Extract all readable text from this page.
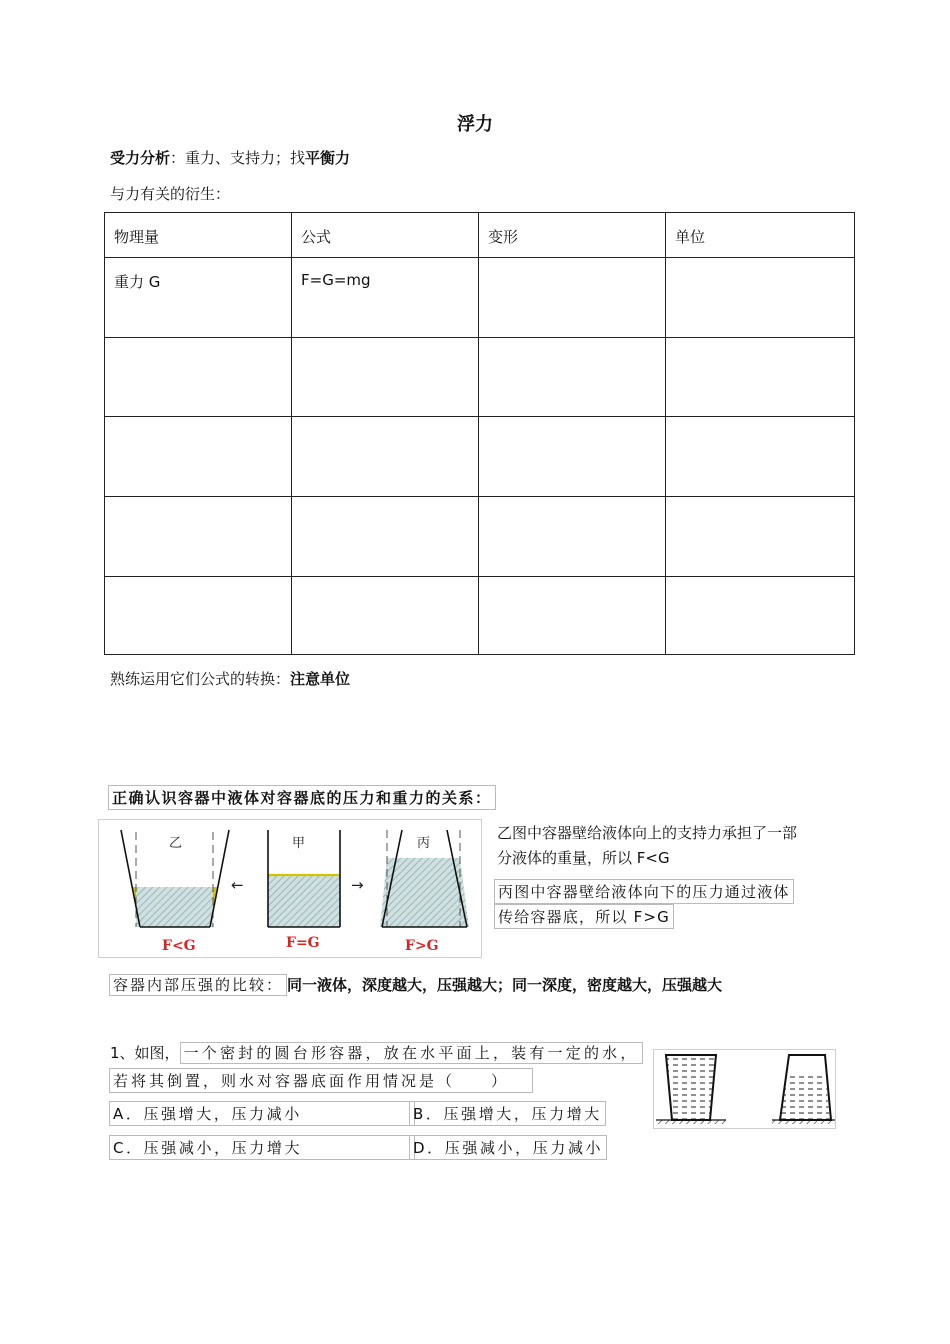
浮力
受力分析：重力、支持力；找平衡力
与力有关的衍生：
物理量	公式	变形	单位
重力 G	F=G=mg		

熟练运用它们公式的转换：注意单位
正确认识容器中液体对容器底的压力和重力的关系：
乙
F<G
←
甲
F=G
→
丙
F>G
乙图中容器壁给液体向上的支持力承担了一部
分液体的重量，所以 F<G
丙图中容器壁给液体向下的压力通过液体
传给容器底，所以 F>G
容器内部压强的比较： 同一液体，深度越大，压强越大；同一深度，密度越大，压强越大
1、如图， 一个密封的圆台形容器，放在水平面上，装有一定的水，
若将其倒置，则水对容器底面作用情况是（　　）
A．压强增大，压力减小	B．压强增大，压力增大
C．压强减小，压力增大	D．压强减小，压力减小
